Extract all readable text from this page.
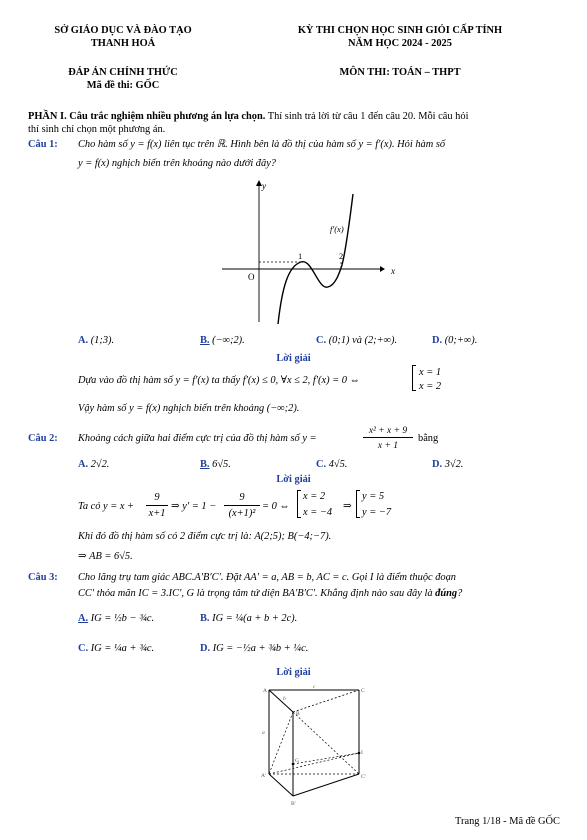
SỞ GIÁO DỤC VÀ ĐÀO TẠO
THANH HOÁ
KỲ THI CHỌN HỌC SINH GIỎI CẤP TỈNH
NĂM HỌC 2024 - 2025
ĐÁP ÁN CHÍNH THỨC
Mã đề thi: GỐC
MÔN THI: TOÁN – THPT
PHẦN I. Câu trắc nghiệm nhiều phương án lựa chọn. Thí sinh trả lời từ câu 1 đến câu 20. Mỗi câu hỏi
thí sinh chỉ chọn một phương án.
Câu 1: Cho hàm số y = f(x) liên tục trên ℝ. Hình bên là đồ thị của hàm số y = f′(x). Hỏi hàm số
y = f(x) nghịch biến trên khoảng nào dưới đây?
y
x
O
1	2
f′(x)
A. (1;3).	B. (−∞;2).	C. (0;1) và (2;+∞).	D. (0;+∞).
Lời giải
Dựa vào đồ thị hàm số y = f′(x) ta thấy f′(x) ≤ 0, ∀x ≤ 2, f′(x) = 0 ⇔
x = 1
x = 2
Vậy hàm số y = f(x) nghịch biến trên khoảng (−∞;2).
Câu 2: Khoảng cách giữa hai điểm cực trị của đồ thị hàm số y =
x² + x + 9
x + 1
bằng
A. 2√2.	B. 6√5.	C. 4√5.	D. 3√2.
Lời giải
Ta có y = x +
9
x+1
⇒ y′ = 1 −
9
(x+1)²
= 0 ⇔
x = 2
x = −4
⇒
y = 5
y = −7
Khi đó đồ thị hàm số có 2 điểm cực trị là: A(2;5); B(−4;−7).
⇒ AB = 6√5.
Câu 3: Cho lăng trụ tam giác ABC.A′B′C′. Đặt AA′ = a, AB = b, AC = c. Gọi I là điểm thuộc đoạn
CC′ thỏa mãn IC = 3.IC′, G là trọng tâm tứ diện BA′B′C′. Khẳng định nào sau đây là đúng?
A. IG = ½b − ¾c.	B. IG = ¼(a + b + 2c).
C. IG = ¼a + ¾c.	D. IG = −½a + ¾b + ¼c.
Lời giải
A
B
C
A′
B′
C′
G
I
a
b
c
Trang 1/18 - Mã đề GỐC
